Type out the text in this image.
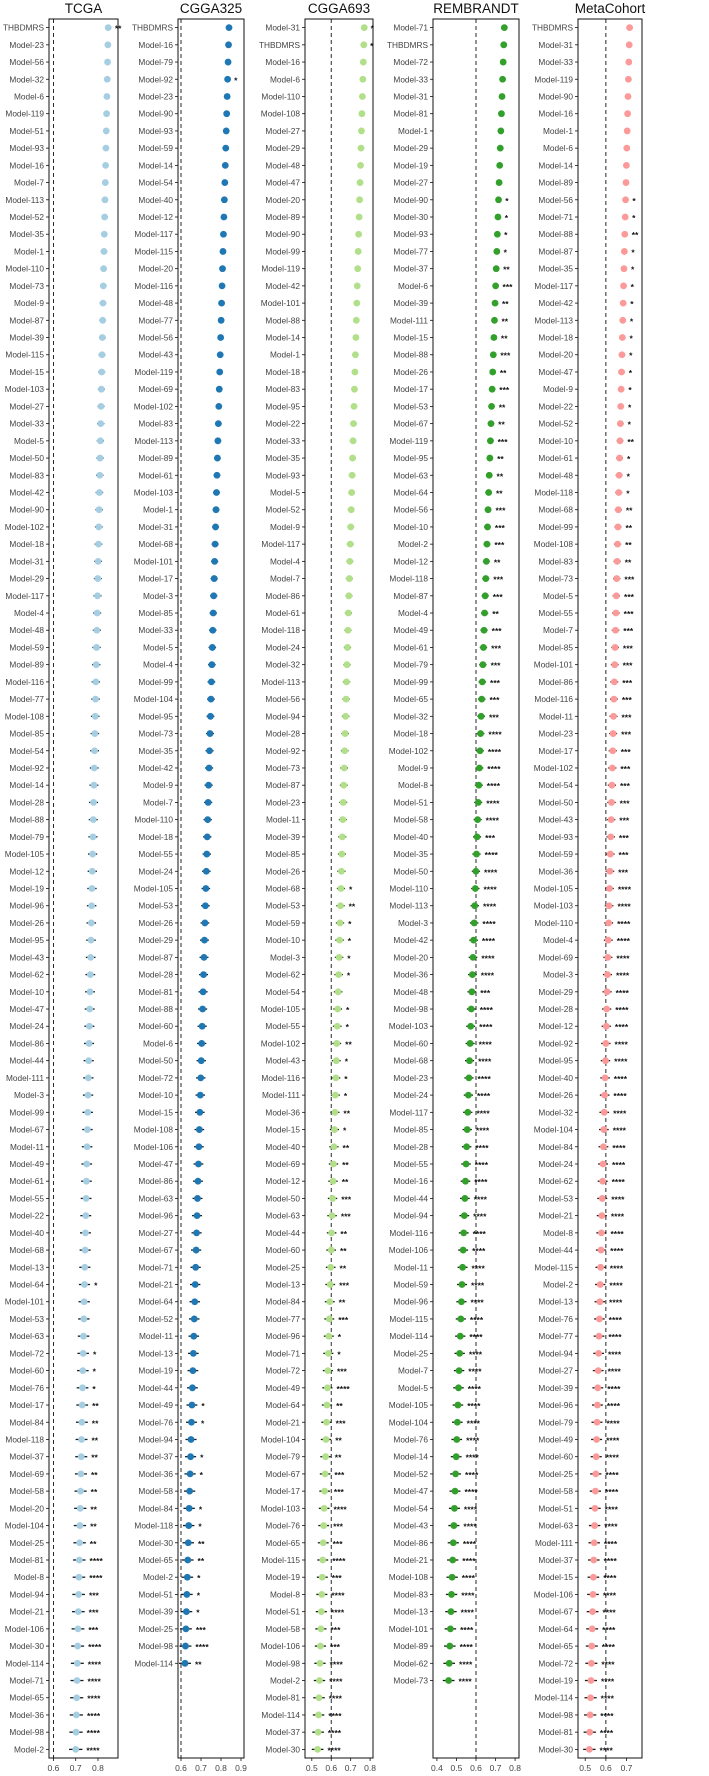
TCGA
0.6 0.7 0.8
THBDMRS	**
Model-23
Model-56
Model-32
Model-6
Model-119
Model-51
Model-93
Model-16
Model-7
Model-113
Model-52
Model-35
Model-1
Model-110
Model-73
Model-9
Model-87
Model-39
Model-115
Model-15
Model-103
Model-27
Model-33
Model-5
Model-50
Model-83
Model-42
Model-90
Model-102
Model-18
Model-31
Model-29
Model-117
Model-4
Model-48
Model-59
Model-89
Model-116
Model-77
Model-108
Model-85
Model-54
Model-92
Model-14
Model-28
Model-88
Model-79
Model-105
Model-12
Model-19
Model-96
Model-26
Model-95
Model-43
Model-62
Model-10
Model-47
Model-24
Model-86
Model-44
Model-111
Model-3
Model-99
Model-67
Model-11
Model-49
Model-61
Model-55
Model-22
Model-40
Model-68
Model-13
Model-64	*
Model-101
Model-53
Model-63
Model-72	*
Model-60	*
Model-76	*
Model-17	**
Model-84	**
Model-118	**
Model-37	**
Model-69	**
Model-58	**
Model-20	**
Model-104	**
Model-25	**
Model-81	****
Model-8	****
Model-94	***
Model-21	***
Model-106	***
Model-30	****
Model-114	****
Model-71	****
Model-65	****
Model-36	****
Model-98	****
Model-2	****
CGGA325
0.6 0.7 0.8 0.9
THBDMRS
Model-16
Model-79
Model-92	*
Model-23
Model-90
Model-93
Model-59
Model-14
Model-54
Model-40
Model-12
Model-117
Model-115
Model-20
Model-116
Model-48
Model-77
Model-56
Model-43
Model-119
Model-69
Model-102
Model-83
Model-113
Model-89
Model-61
Model-103
Model-1
Model-31
Model-68
Model-101
Model-17
Model-3
Model-85
Model-33
Model-5
Model-4
Model-99
Model-104
Model-95
Model-73
Model-35
Model-42
Model-9
Model-7
Model-110
Model-18
Model-55
Model-24
Model-105
Model-53
Model-26
Model-29
Model-87
Model-28
Model-81
Model-88
Model-60
Model-6
Model-50
Model-72
Model-10
Model-15
Model-108
Model-106
Model-47
Model-86
Model-63
Model-96
Model-27
Model-67
Model-71
Model-21
Model-64
Model-52
Model-11
Model-13
Model-19
Model-44
Model-49	*
Model-76	*
Model-94
Model-37	*
Model-36	*
Model-58
Model-84	*
Model-118	*
Model-30	**
Model-65	**
Model-2	*
Model-51	*
Model-39	*
Model-25	***
Model-98	****
Model-114	**
CGGA693
0.5 0.6 0.7 0.8
Model-31	*
THBDMRS	*
Model-16
Model-6
Model-110
Model-108
Model-27
Model-29
Model-48
Model-47
Model-20
Model-89
Model-90
Model-99
Model-119
Model-42
Model-101
Model-88
Model-14
Model-1
Model-18
Model-83
Model-95
Model-22
Model-33
Model-35
Model-93
Model-5
Model-52
Model-9
Model-117
Model-4
Model-7
Model-86
Model-61
Model-118
Model-24
Model-32
Model-113
Model-56
Model-94
Model-28
Model-92
Model-73
Model-87
Model-23
Model-11
Model-39
Model-85
Model-26
Model-68	*
Model-53	**
Model-59	*
Model-10	*
Model-3	*
Model-62	*
Model-54
Model-105	*
Model-55	*
Model-102	**
Model-43	*
Model-116	*
Model-111	*
Model-36	**
Model-15	*
Model-40	**
Model-69	**
Model-12	**
Model-50	***
Model-63	***
Model-44	**
Model-60	**
Model-25	**
Model-13	***
Model-84	**
Model-77	***
Model-96	*
Model-71	*
Model-72	***
Model-49	****
Model-64	**
Model-21	***
Model-104	**
Model-79	**
Model-67	***
Model-17	***
Model-103	****
Model-76	***
Model-65	***
Model-115	****
Model-19	***
Model-8	****
Model-51	****
Model-58	***
Model-106	***
Model-98	****
Model-2	****
Model-81	****
Model-114	****
Model-37	****
Model-30	****
REMBRANDT
0.4 0.5 0.6 0.7 0.8
Model-71
THBDMRS
Model-72
Model-33
Model-31
Model-81
Model-1
Model-29
Model-19
Model-27
Model-90	*
Model-30	*
Model-93	*
Model-77	*
Model-37	**
Model-6	***
Model-39	**
Model-111	**
Model-15	**
Model-88	***
Model-26	**
Model-17	***
Model-53	**
Model-67	**
Model-119	***
Model-95	**
Model-63	**
Model-64	**
Model-56	***
Model-10	***
Model-2	***
Model-12	**
Model-118	***
Model-87	***
Model-4	**
Model-49	***
Model-61	***
Model-79	***
Model-99	***
Model-65	***
Model-32	***
Model-18	****
Model-102	****
Model-9	****
Model-8	****
Model-51	****
Model-58	****
Model-40	***
Model-35	****
Model-50	****
Model-110	****
Model-113	****
Model-3	****
Model-42	****
Model-20	****
Model-36	****
Model-48	***
Model-98	****
Model-103	****
Model-60	****
Model-68	****
Model-23	****
Model-24	****
Model-117	****
Model-85	****
Model-28	****
Model-55	****
Model-16	****
Model-44	****
Model-94	****
Model-116	****
Model-106	****
Model-11	****
Model-59	****
Model-96	****
Model-115	****
Model-114	****
Model-25	****
Model-7	****
Model-5	****
Model-105	****
Model-104	****
Model-76	****
Model-14	****
Model-52	****
Model-47	****
Model-54	****
Model-43	****
Model-86	****
Model-21	****
Model-108	****
Model-83	****
Model-13	****
Model-101	****
Model-89	****
Model-62	****
Model-73	****
MetaCohort
0.5 0.6 0.7
THBDMRS
Model-31
Model-33
Model-119
Model-90
Model-16
Model-1
Model-6
Model-14
Model-89
Model-56	*
Model-71	*
Model-88	**
Model-87	*
Model-35	*
Model-117	*
Model-42	*
Model-113	*
Model-18	*
Model-20	*
Model-47	*
Model-9	*
Model-22	*
Model-52	*
Model-10	**
Model-61	*
Model-48	*
Model-118	*
Model-68	**
Model-99	**
Model-108	**
Model-83	**
Model-73	***
Model-5	***
Model-55	***
Model-7	***
Model-85	***
Model-101	***
Model-86	***
Model-116	***
Model-11	***
Model-23	***
Model-17	***
Model-102	***
Model-54	***
Model-50	***
Model-43	***
Model-93	***
Model-59	***
Model-36	***
Model-105	****
Model-103	****
Model-110	****
Model-4	****
Model-69	****
Model-3	****
Model-29	****
Model-28	****
Model-12	****
Model-92	****
Model-95	****
Model-40	****
Model-26	****
Model-32	****
Model-104	****
Model-84	****
Model-24	****
Model-62	****
Model-53	****
Model-21	****
Model-8	****
Model-44	****
Model-115	****
Model-2	****
Model-13	****
Model-76	****
Model-77	****
Model-94	****
Model-27	****
Model-39	****
Model-96	****
Model-79	****
Model-49	****
Model-60	****
Model-25	****
Model-58	****
Model-51	****
Model-63	****
Model-111	****
Model-37	****
Model-15	****
Model-106	****
Model-67	****
Model-64	****
Model-65	****
Model-72	****
Model-19	****
Model-114	****
Model-98	****
Model-81	****
Model-30	****
